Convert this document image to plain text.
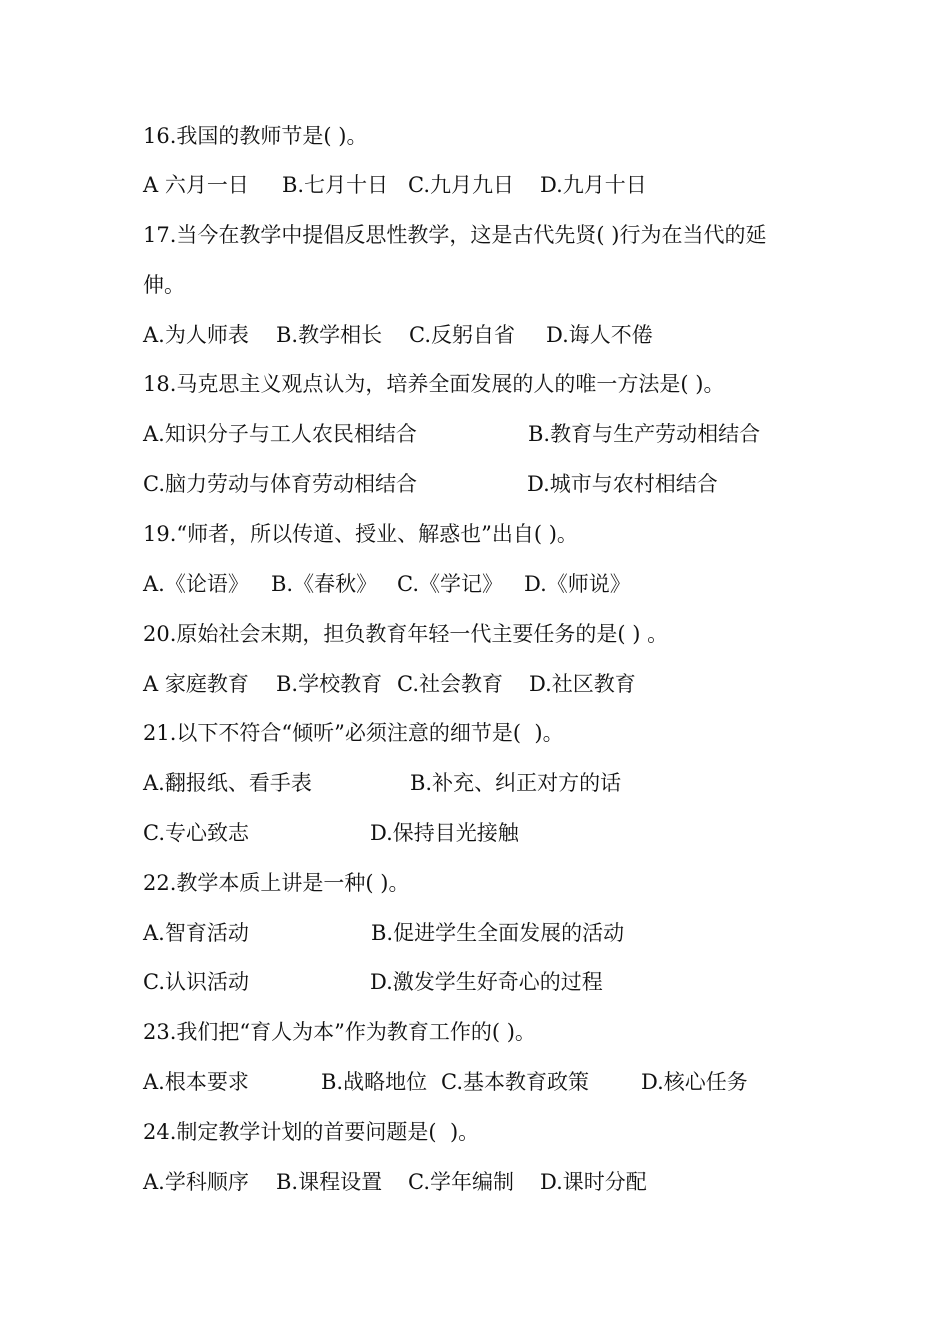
16.我国的教师节是( )。

A 六月一日

B.七月十日

C.九月九日

D.九月十日

17.当今在教学中提倡反思性教学，这是古代先贤( )行为在当代的延
伸。

A.为人师表

B.教学相长

C.反躬自省

D.诲人不倦

18.马克思主义观点认为，培养全面发展的人的唯一方法是( )。

A.知识分子与工人农民相结合

	B.教育与生产劳动相结合

C.脑力劳动与体育劳动相结合

	D.城市与农村相结合

19.“师者，所以传道、授业、解惑也”出自( )。

A.《论语》

B.《春秋》

C.《学记》

D.《师说》

20.原始社会末期，担负教育年轻一代主要任务的是( ) 。

A 家庭教育

B.学校教育

C.社会教育

D.社区教育

21.以下不符合“倾听”必须注意的细节是(  )。

A.翻报纸、看手表

	B.补充、纠正对方的话

C.专心致志

	D.保持目光接触

22.教学本质上讲是一种( )。

A.智育活动

	B.促进学生全面发展的活动

C.认识活动

	D.激发学生好奇心的过程

23.我们把“育人为本”作为教育工作的( )。

A.根本要求

	B.战略地位

C.基本教育政策

D.核心任务

24.制定教学计划的首要问题是(  )。

A.学科顺序

B.课程设置

C.学年编制

D.课时分配
